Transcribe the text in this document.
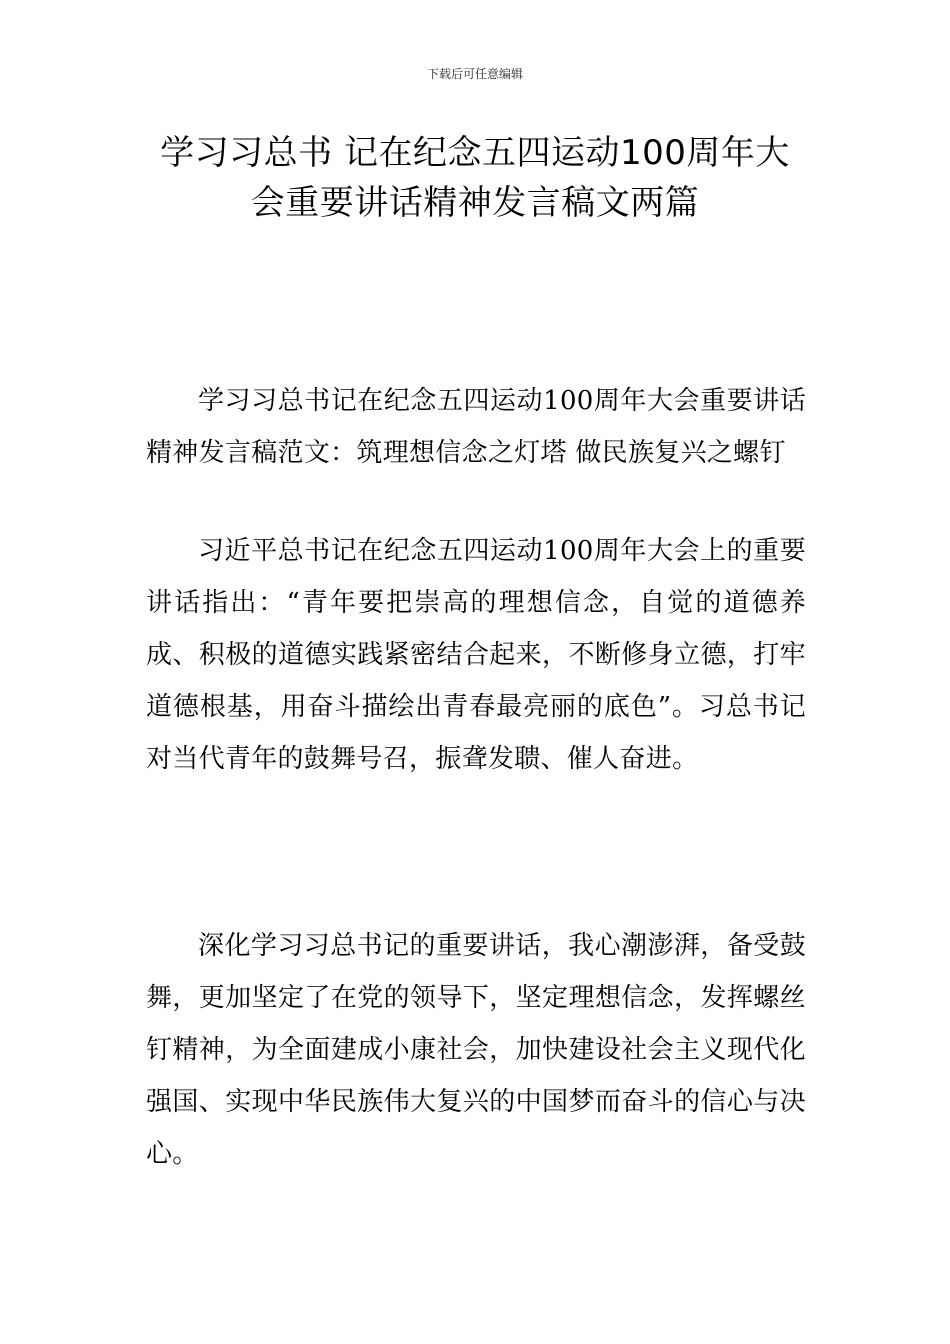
下载后可任意编辑
学习习总书 记在纪念五四运动100周年大
会重要讲话精神发言稿文两篇

学习习总书记在纪念五四运动100周年大会重要讲话精神发言稿范文：筑理想信念之灯塔 做民族复兴之螺钉

习近平总书记在纪念五四运动100周年大会上的重要讲话指出：“青年要把崇高的理想信念，自觉的道德养成、积极的道德实践紧密结合起来，不断修身立德，打牢道德根基，用奋斗描绘出青春最亮丽的底色”。习总书记对当代青年的鼓舞号召，振聋发聩、催人奋进。

深化学习习总书记的重要讲话，我心潮澎湃，备受鼓舞，更加坚定了在党的领导下，坚定理想信念，发挥螺丝钉精神，为全面建成小康社会，加快建设社会主义现代化强国、实现中华民族伟大复兴的中国梦而奋斗的信心与决心。
